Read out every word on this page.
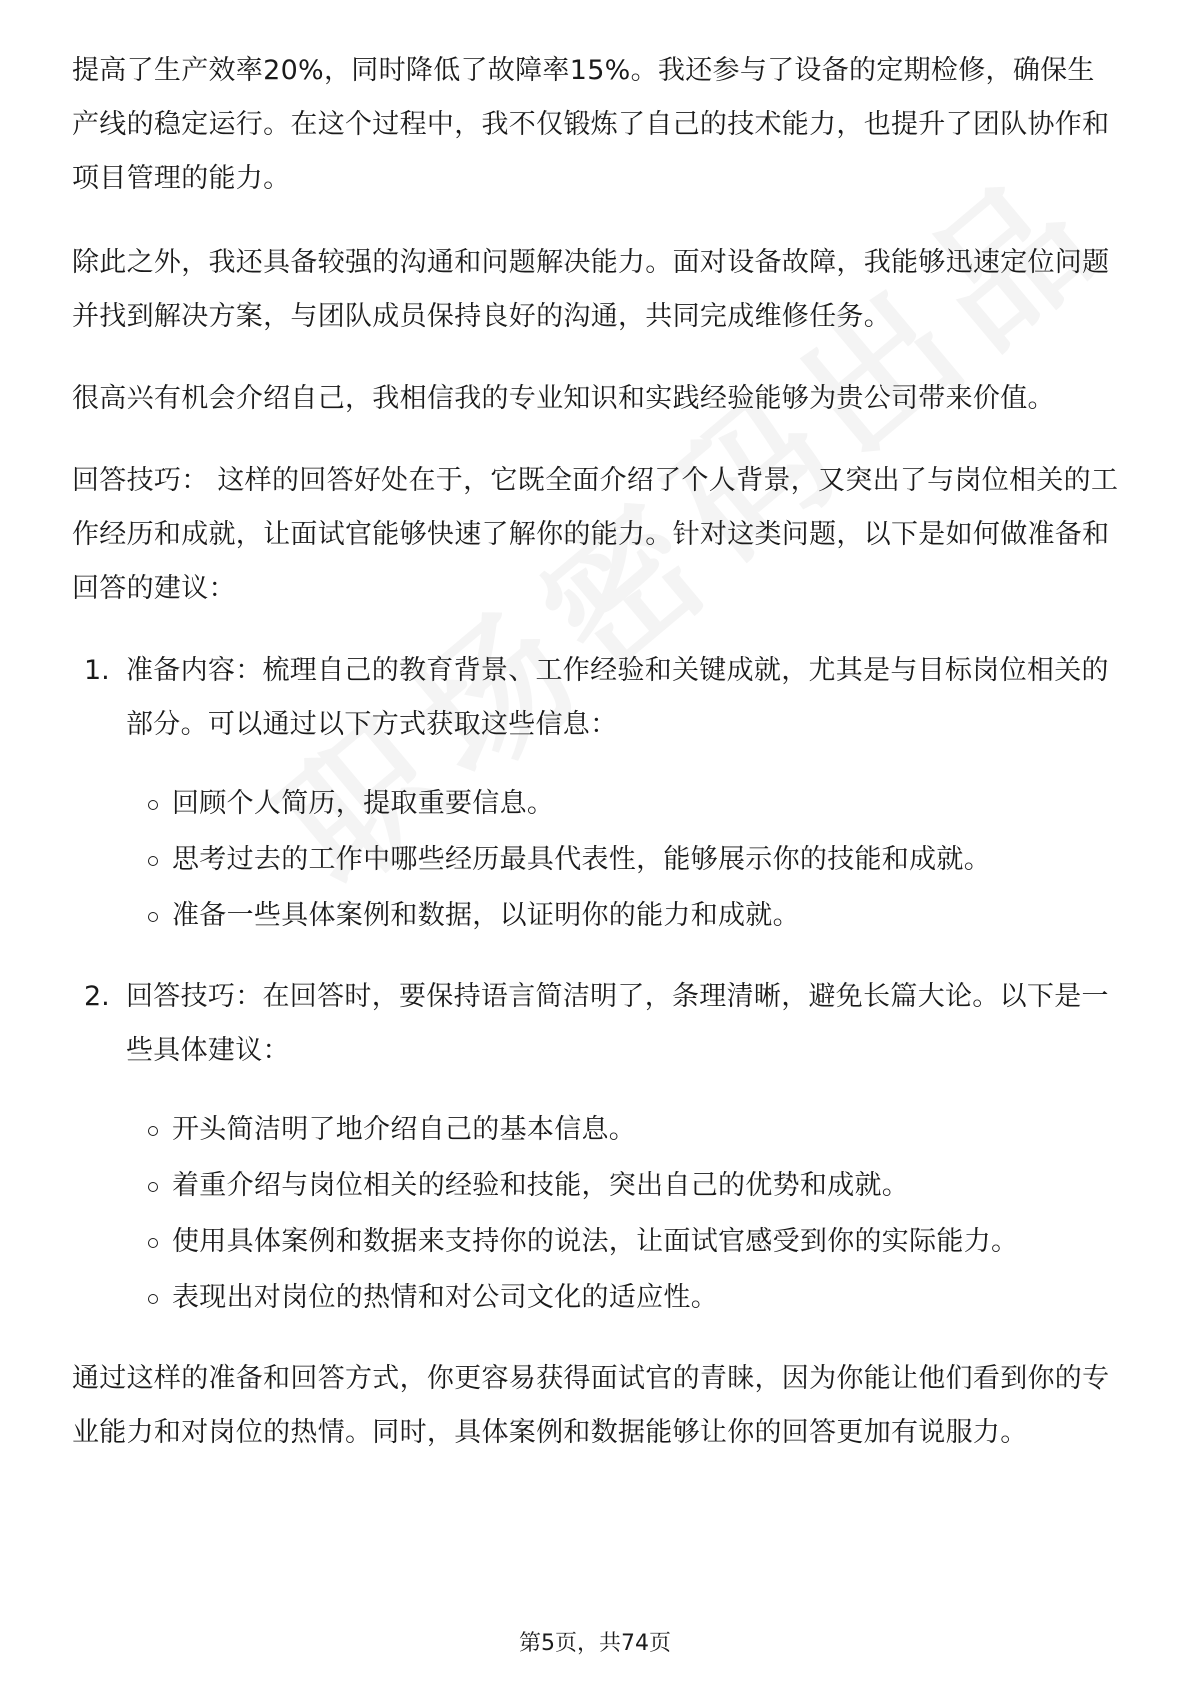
提高了生产效率20%，同时降低了故障率15%。我还参与了设备的定期检修，确保生产线的稳定运行。在这个过程中，我不仅锻炼了自己的技术能力，也提升了团队协作和项目管理的能力。

除此之外，我还具备较强的沟通和问题解决能力。面对设备故障，我能够迅速定位问题并找到解决方案，与团队成员保持良好的沟通，共同完成维修任务。

很高兴有机会介绍自己，我相信我的专业知识和实践经验能够为贵公司带来价值。

回答技巧： 这样的回答好处在于，它既全面介绍了个人背景，又突出了与岗位相关的工作经历和成就，让面试官能够快速了解你的能力。针对这类问题，以下是如何做准备和回答的建议：

1. 准备内容：梳理自己的教育背景、工作经验和关键成就，尤其是与目标岗位相关的部分。可以通过以下方式获取这些信息：

回顾个人简历，提取重要信息。
思考过去的工作中哪些经历最具代表性，能够展示你的技能和成就。
准备一些具体案例和数据，以证明你的能力和成就。
2. 回答技巧：在回答时，要保持语言简洁明了，条理清晰，避免长篇大论。以下是一些具体建议：

开头简洁明了地介绍自己的基本信息。
着重介绍与岗位相关的经验和技能，突出自己的优势和成就。
使用具体案例和数据来支持你的说法，让面试官感受到你的实际能力。
表现出对岗位的热情和对公司文化的适应性。

通过这样的准备和回答方式，你更容易获得面试官的青睐，因为你能让他们看到你的专业能力和对岗位的热情。同时，具体案例和数据能够让你的回答更加有说服力。

第5页，共74页
